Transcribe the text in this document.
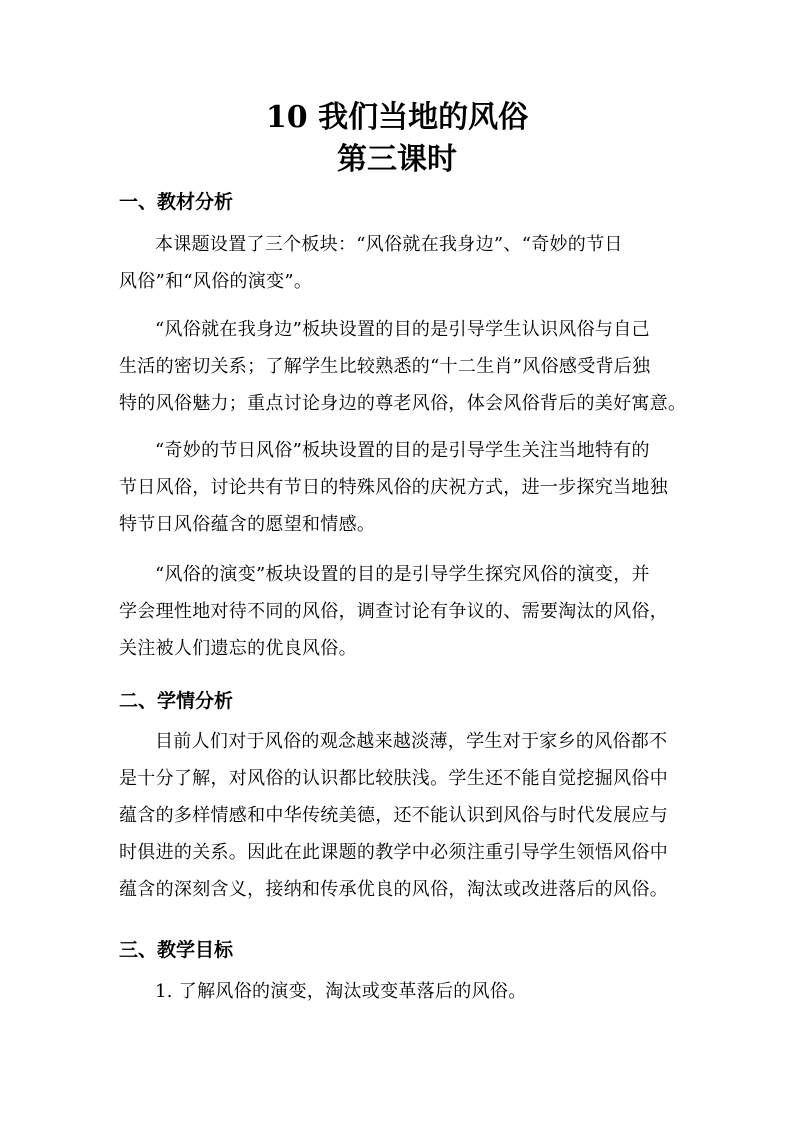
10 我们当地的风俗
第三课时
一、教材分析
本课题设置了三个板块：“风俗就在我身边”、“奇妙的节日
风俗”和“风俗的演变”。
“风俗就在我身边”板块设置的目的是引导学生认识风俗与自己
生活的密切关系；了解学生比较熟悉的“十二生肖”风俗感受背后独
特的风俗魅力；重点讨论身边的尊老风俗，体会风俗背后的美好寓意。
“奇妙的节日风俗”板块设置的目的是引导学生关注当地特有的
节日风俗，讨论共有节日的特殊风俗的庆祝方式，进一步探究当地独
特节日风俗蕴含的愿望和情感。
“风俗的演变”板块设置的目的是引导学生探究风俗的演变，并
学会理性地对待不同的风俗，调查讨论有争议的、需要淘汰的风俗，
关注被人们遗忘的优良风俗。
二、学情分析
目前人们对于风俗的观念越来越淡薄，学生对于家乡的风俗都不
是十分了解，对风俗的认识都比较肤浅。学生还不能自觉挖掘风俗中
蕴含的多样情感和中华传统美德，还不能认识到风俗与时代发展应与
时俱进的关系。因此在此课题的教学中必须注重引导学生领悟风俗中
蕴含的深刻含义，接纳和传承优良的风俗，淘汰或改进落后的风俗。
三、教学目标
1. 了解风俗的演变，淘汰或变革落后的风俗。
